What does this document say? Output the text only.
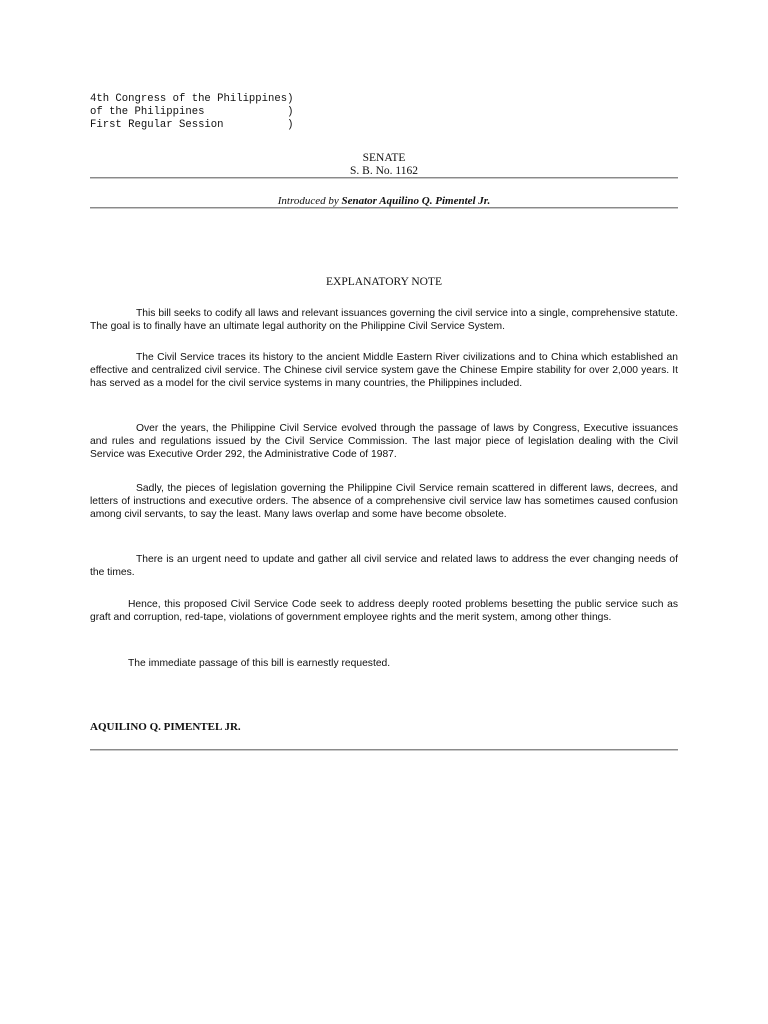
4th Congress of the Philippines)
of the Philippines             )
First Regular Session          )
SENATE
S. B. No. 1162
Introduced by Senator Aquilino Q. Pimentel Jr.
EXPLANATORY NOTE
This bill seeks to codify all laws and relevant issuances governing the civil service into a single, comprehensive statute. The goal is to finally have an ultimate legal authority on the Philippine Civil Service System.
The Civil Service traces its history to the ancient Middle Eastern River civilizations and to China which established an effective and centralized civil service. The Chinese civil service system gave the Chinese Empire stability for over 2,000 years. It has served as a model for the civil service systems in many countries, the Philippines included.
Over the years, the Philippine Civil Service evolved through the passage of laws by Congress, Executive issuances and rules and regulations issued by the Civil Service Commission. The last major piece of legislation dealing with the Civil Service was Executive Order 292, the Administrative Code of 1987.
Sadly, the pieces of legislation governing the Philippine Civil Service remain scattered in different laws, decrees, and letters of instructions and executive orders. The absence of a comprehensive civil service law has sometimes caused confusion among civil servants, to say the least. Many laws overlap and some have become obsolete.
There is an urgent need to update and gather all civil service and related laws to address the ever changing needs of the times.
Hence, this proposed Civil Service Code seek to address deeply rooted problems besetting the public service such as graft and corruption, red-tape, violations of government employee rights and the merit system, among other things.
The immediate passage of this bill is earnestly requested.
AQUILINO Q. PIMENTEL JR.
